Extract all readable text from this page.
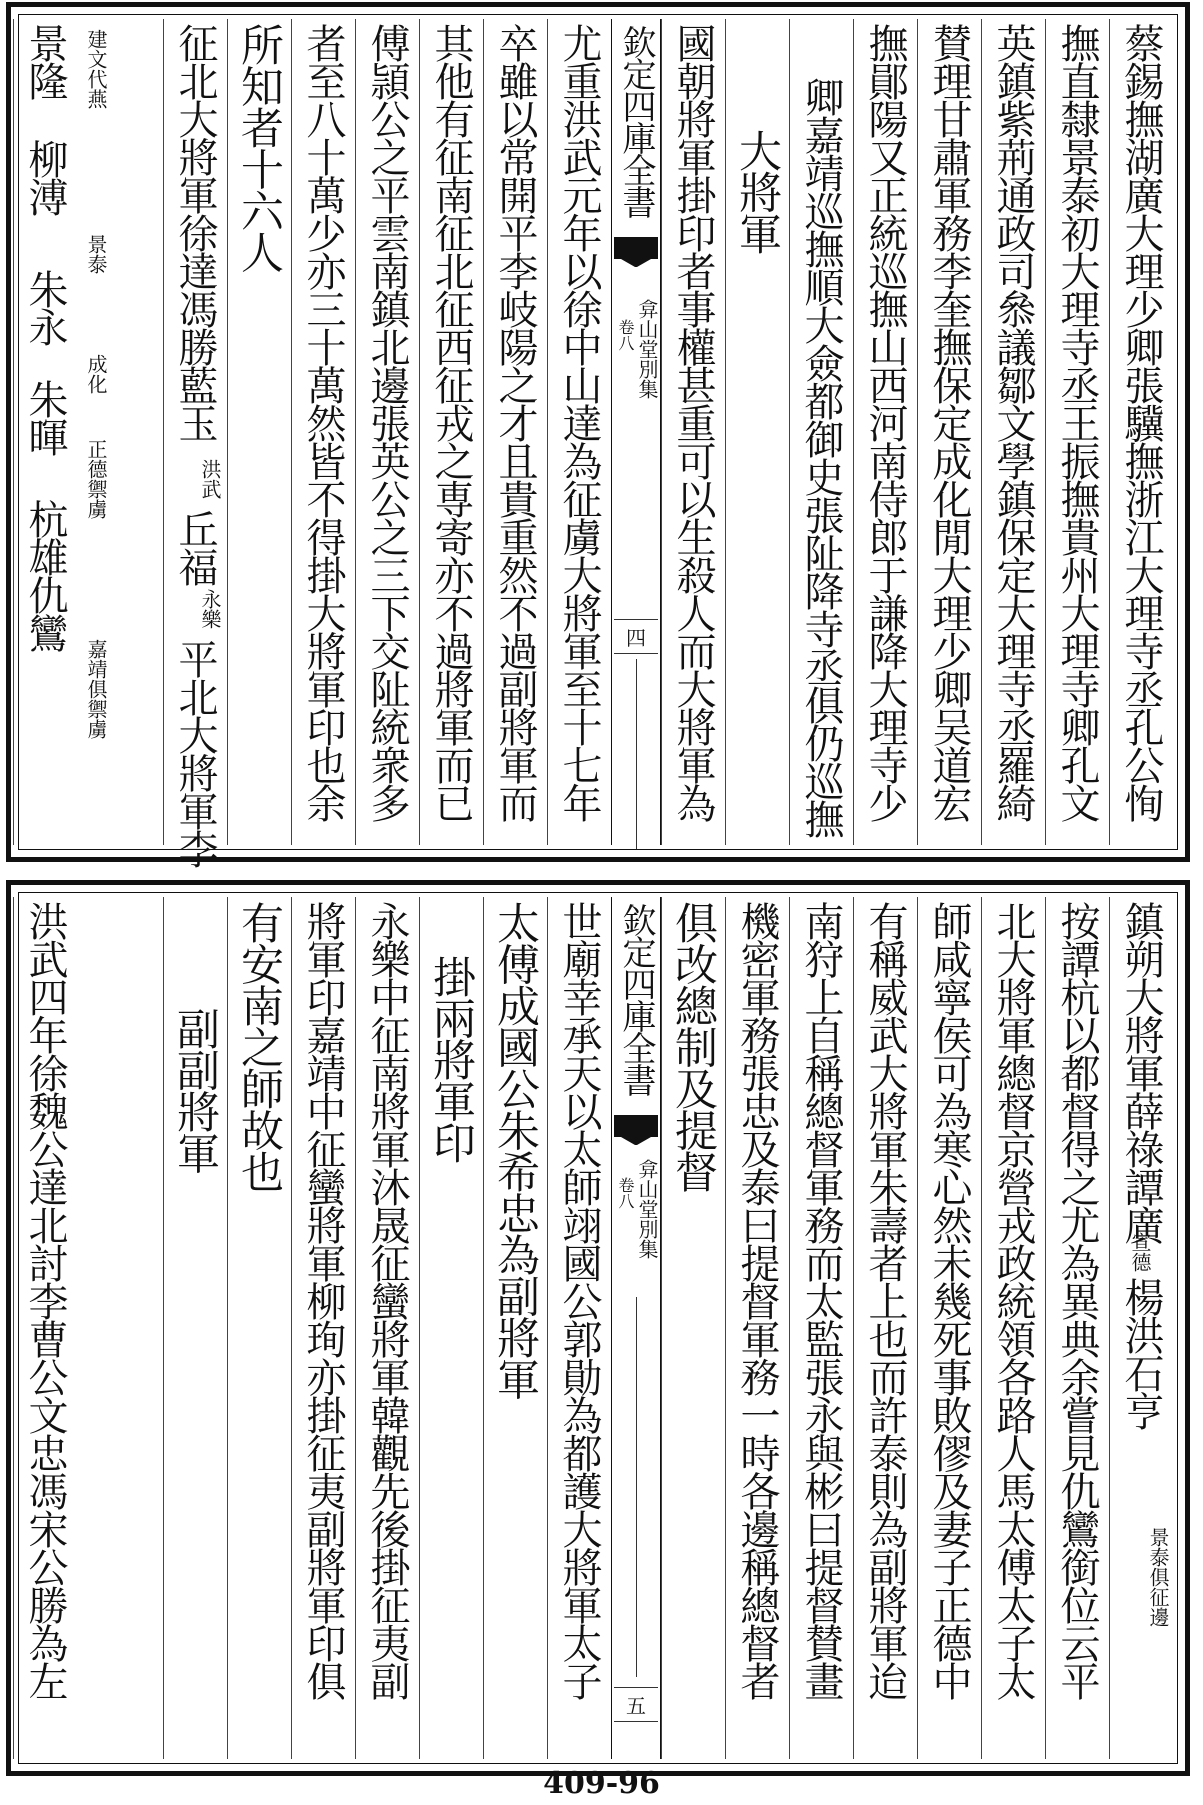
蔡錫撫湖廣大理少卿張驥撫浙江大理寺丞孔公恂
撫直隸景泰初大理寺丞王振撫貴州大理寺卿孔文
英鎮紫荊通政司叅議鄒文學鎮保定大理寺丞羅綺
賛理甘肅軍務李奎撫保定成化閒大理少卿吴道宏
撫鄖陽又正統巡撫山西河南侍郎于謙降大理寺少
卿嘉靖巡撫順大僉都御史張阯降寺丞俱仍巡撫
大將軍
國朝將軍掛印者事權甚重可以生殺人而大將軍為
欽定四庫全書
卷八 弇山堂別集
四
尤重洪武元年以徐中山達為征虜大將軍至十七年
卒雖以常開平李岐陽之才且貴重然不過副將軍而
其他有征南征北征西征戎之専寄亦不過將軍而已
傅頴公之平雲南鎮北邊張英公之三下交阯統衆多
者至八十萬少亦三十萬然皆不得掛大將軍印也余
所知者十六人
征北大將軍徐達馮勝藍玉
洪武
丘福
永樂
平北大將軍李
景隆 建文代燕
柳溥
景泰
朱永
成化
朱暉
正德禦虜
杭雄仇鸞
嘉靖俱禦虜
鎮朔大將軍薛祿譚廣
宣德
楊洪石亨
景泰俱征邊
按譚杭以都督得之尤為異典余嘗見仇鸞銜位云平
北大將軍總督京營戎政統領各路人馬太傅太子太
師咸寧侯可為寒心然未幾死事敗僇及妻子正德中
有稱威武大將軍朱壽者上也而許泰則為副將軍迨
南狩上自稱總督軍務而太監張永與彬曰提督賛畫
機密軍務張忠及泰曰提督軍務一時各邊稱總督者
俱改總制及提督
欽定四庫全書
卷八 弇山堂別集
五
世廟幸承天以太師翊國公郭勛為都護大將軍太子
太傅成國公朱希忠為副將軍
掛兩將軍印
永樂中征南將軍沐晟征蠻將軍韓觀先後掛征夷副
將軍印嘉靖中征蠻將軍柳珣亦掛征夷副將軍印俱
有安南之師故也
副副將軍
洪武四年徐魏公達北討李曹公文忠馮宋公勝為左
409-96
